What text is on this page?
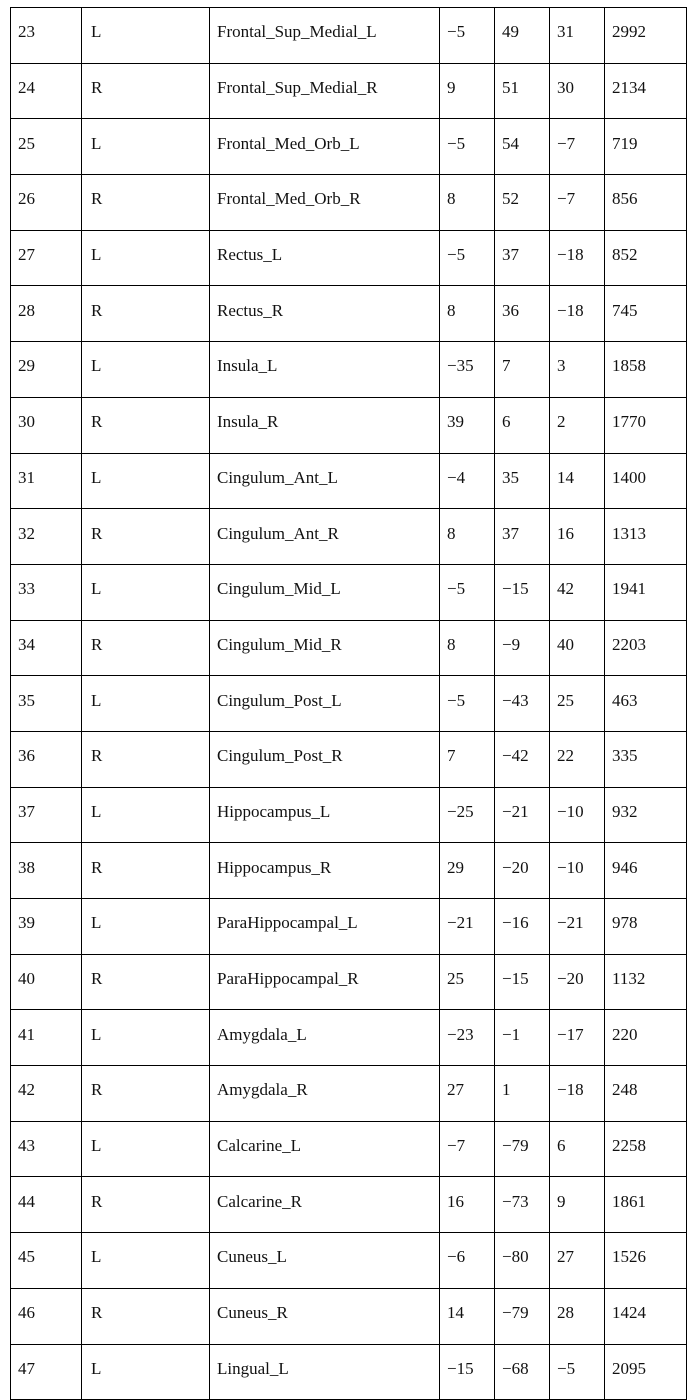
23	L	Frontal_Sup_Medial_L	−5	49	31	2992
24	R	Frontal_Sup_Medial_R	9	51	30	2134
25	L	Frontal_Med_Orb_L	−5	54	−7	719
26	R	Frontal_Med_Orb_R	8	52	−7	856
27	L	Rectus_L	−5	37	−18	852
28	R	Rectus_R	8	36	−18	745
29	L	Insula_L	−35	7	3	1858
30	R	Insula_R	39	6	2	1770
31	L	Cingulum_Ant_L	−4	35	14	1400
32	R	Cingulum_Ant_R	8	37	16	1313
33	L	Cingulum_Mid_L	−5	−15	42	1941
34	R	Cingulum_Mid_R	8	−9	40	2203
35	L	Cingulum_Post_L	−5	−43	25	463
36	R	Cingulum_Post_R	7	−42	22	335
37	L	Hippocampus_L	−25	−21	−10	932
38	R	Hippocampus_R	29	−20	−10	946
39	L	ParaHippocampal_L	−21	−16	−21	978
40	R	ParaHippocampal_R	25	−15	−20	1132
41	L	Amygdala_L	−23	−1	−17	220
42	R	Amygdala_R	27	1	−18	248
43	L	Calcarine_L	−7	−79	6	2258
44	R	Calcarine_R	16	−73	9	1861
45	L	Cuneus_L	−6	−80	27	1526
46	R	Cuneus_R	14	−79	28	1424
47	L	Lingual_L	−15	−68	−5	2095
